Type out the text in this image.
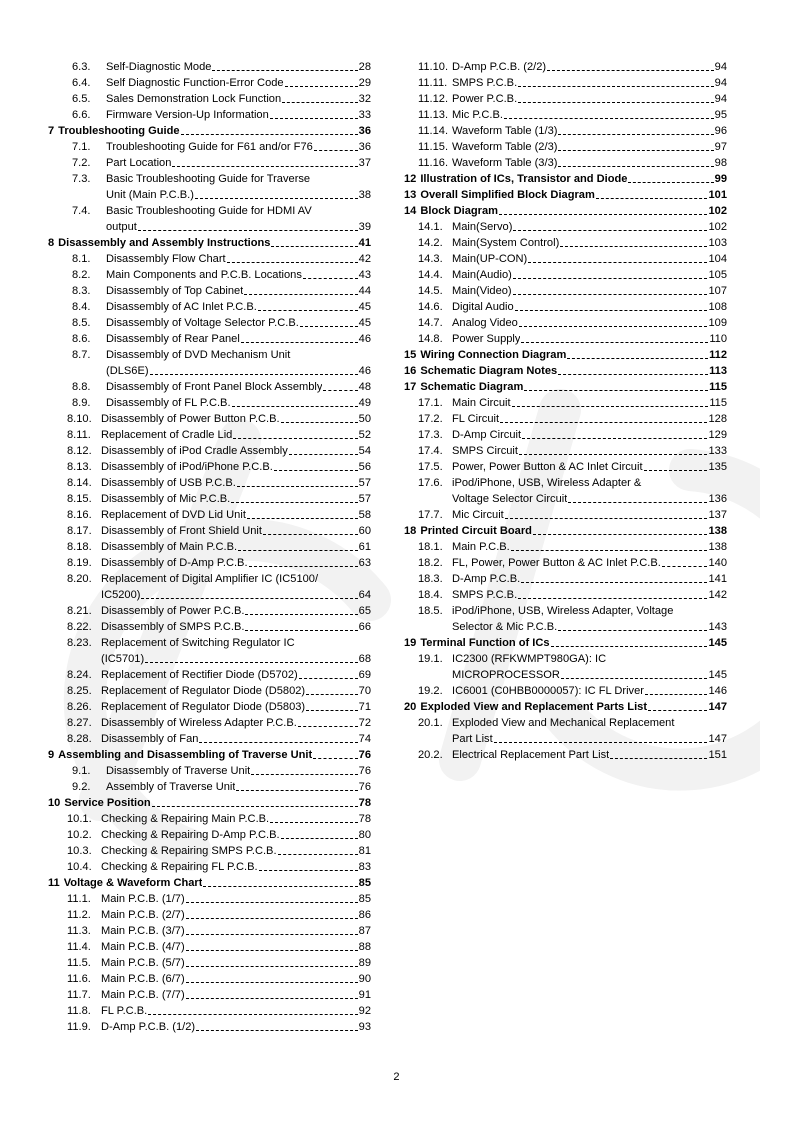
6.3.	Self-Diagnostic Mode	28
6.4.	Self Diagnostic Function-Error Code	29
6.5.	Sales Demonstration Lock Function	32
6.6.	Firmware Version-Up Information	33
7 Troubleshooting Guide	36
7.1.	Troubleshooting Guide for F61 and/or F76	36
7.2.	Part Location	37
7.3.	Basic Troubleshooting Guide for Traverse
Unit (Main P.C.B.)	38
7.4.	Basic Troubleshooting Guide for HDMI AV
output	39
8 Disassembly and Assembly Instructions	41
8.1.	Disassembly Flow Chart	42
8.2.	Main Components and P.C.B. Locations	43
8.3.	Disassembly of Top Cabinet	44
8.4.	Disassembly of AC Inlet P.C.B.	45
8.5.	Disassembly of Voltage Selector P.C.B.	45
8.6.	Disassembly of Rear Panel	46
8.7.	Disassembly of DVD Mechanism Unit
(DLS6E)	46
8.8.	Disassembly of Front Panel Block Assembly	48
8.9.	Disassembly of FL P.C.B.	49
8.10. Disassembly of Power Button P.C.B.	50
8.11. Replacement of Cradle Lid	52
8.12. Disassembly of iPod Cradle Assembly	54
8.13. Disassembly of iPod/iPhone P.C.B.	56
8.14. Disassembly of USB P.C.B.	57
8.15. Disassembly of Mic P.C.B.	57
8.16. Replacement of DVD Lid Unit	58
8.17. Disassembly of Front Shield Unit	60
8.18. Disassembly of Main P.C.B.	61
8.19. Disassembly of D-Amp P.C.B.	63
8.20. Replacement of Digital Amplifier IC (IC5100/
IC5200)	64
8.21. Disassembly of Power P.C.B.	65
8.22. Disassembly of SMPS P.C.B.	66
8.23. Replacement of Switching Regulator IC
(IC5701)	68
8.24. Replacement of Rectifier Diode (D5702)	69
8.25. Replacement of Regulator Diode (D5802)	70
8.26. Replacement of Regulator Diode (D5803)	71
8.27. Disassembly of Wireless Adapter P.C.B.	72
8.28. Disassembly of Fan	74
9 Assembling and Disassembling of Traverse Unit	76
9.1.	Disassembly of Traverse Unit	76
9.2.	Assembly of Traverse Unit	76
10 Service Position	78
10.1. Checking & Repairing Main P.C.B.	78
10.2. Checking & Repairing D-Amp P.C.B.	80
10.3. Checking & Repairing SMPS P.C.B.	81
10.4. Checking & Repairing FL P.C.B.	83
11 Voltage & Waveform Chart	85
11.1. Main P.C.B. (1/7)	85
11.2. Main P.C.B. (2/7)	86
11.3. Main P.C.B. (3/7)	87
11.4. Main P.C.B. (4/7)	88
11.5. Main P.C.B. (5/7)	89
11.6. Main P.C.B. (6/7)	90
11.7. Main P.C.B. (7/7)	91
11.8. FL P.C.B.	92
11.9. D-Amp P.C.B. (1/2)	93
11.10. D-Amp P.C.B. (2/2)	94
11.11. SMPS P.C.B.	94
11.12. Power P.C.B.	94
11.13. Mic P.C.B.	95
11.14. Waveform Table (1/3)	96
11.15. Waveform Table (2/3)	97
11.16. Waveform Table (3/3)	98
12 Illustration of ICs, Transistor and Diode	99
13 Overall Simplified Block Diagram	101
14 Block Diagram	102
14.1. Main(Servo)	102
14.2. Main(System Control)	103
14.3. Main(UP-CON)	104
14.4. Main(Audio)	105
14.5. Main(Video)	107
14.6. Digital Audio	108
14.7. Analog Video	109
14.8. Power Supply	110
15 Wiring Connection Diagram	112
16 Schematic Diagram Notes	113
17 Schematic Diagram	115
17.1. Main Circuit	115
17.2. FL Circuit	128
17.3. D-Amp Circuit	129
17.4. SMPS Circuit	133
17.5. Power, Power Button & AC Inlet Circuit	135
17.6. iPod/iPhone, USB, Wireless Adapter &
Voltage Selector Circuit	136
17.7. Mic Circuit	137
18 Printed Circuit Board	138
18.1. Main P.C.B.	138
18.2. FL, Power, Power Button & AC Inlet P.C.B.	140
18.3. D-Amp P.C.B.	141
18.4. SMPS P.C.B.	142
18.5. iPod/iPhone, USB, Wireless Adapter, Voltage
Selector & Mic P.C.B.	143
19 Terminal Function of ICs	145
19.1. IC2300 (RFKWMPT980GA): IC
MICROPROCESSOR	145
19.2. IC6001 (C0HBB0000057): IC FL Driver	146
20 Exploded View and Replacement Parts List	147
20.1. Exploded View and Mechanical Replacement
Part List	147
20.2. Electrical Replacement Part List	151
2
